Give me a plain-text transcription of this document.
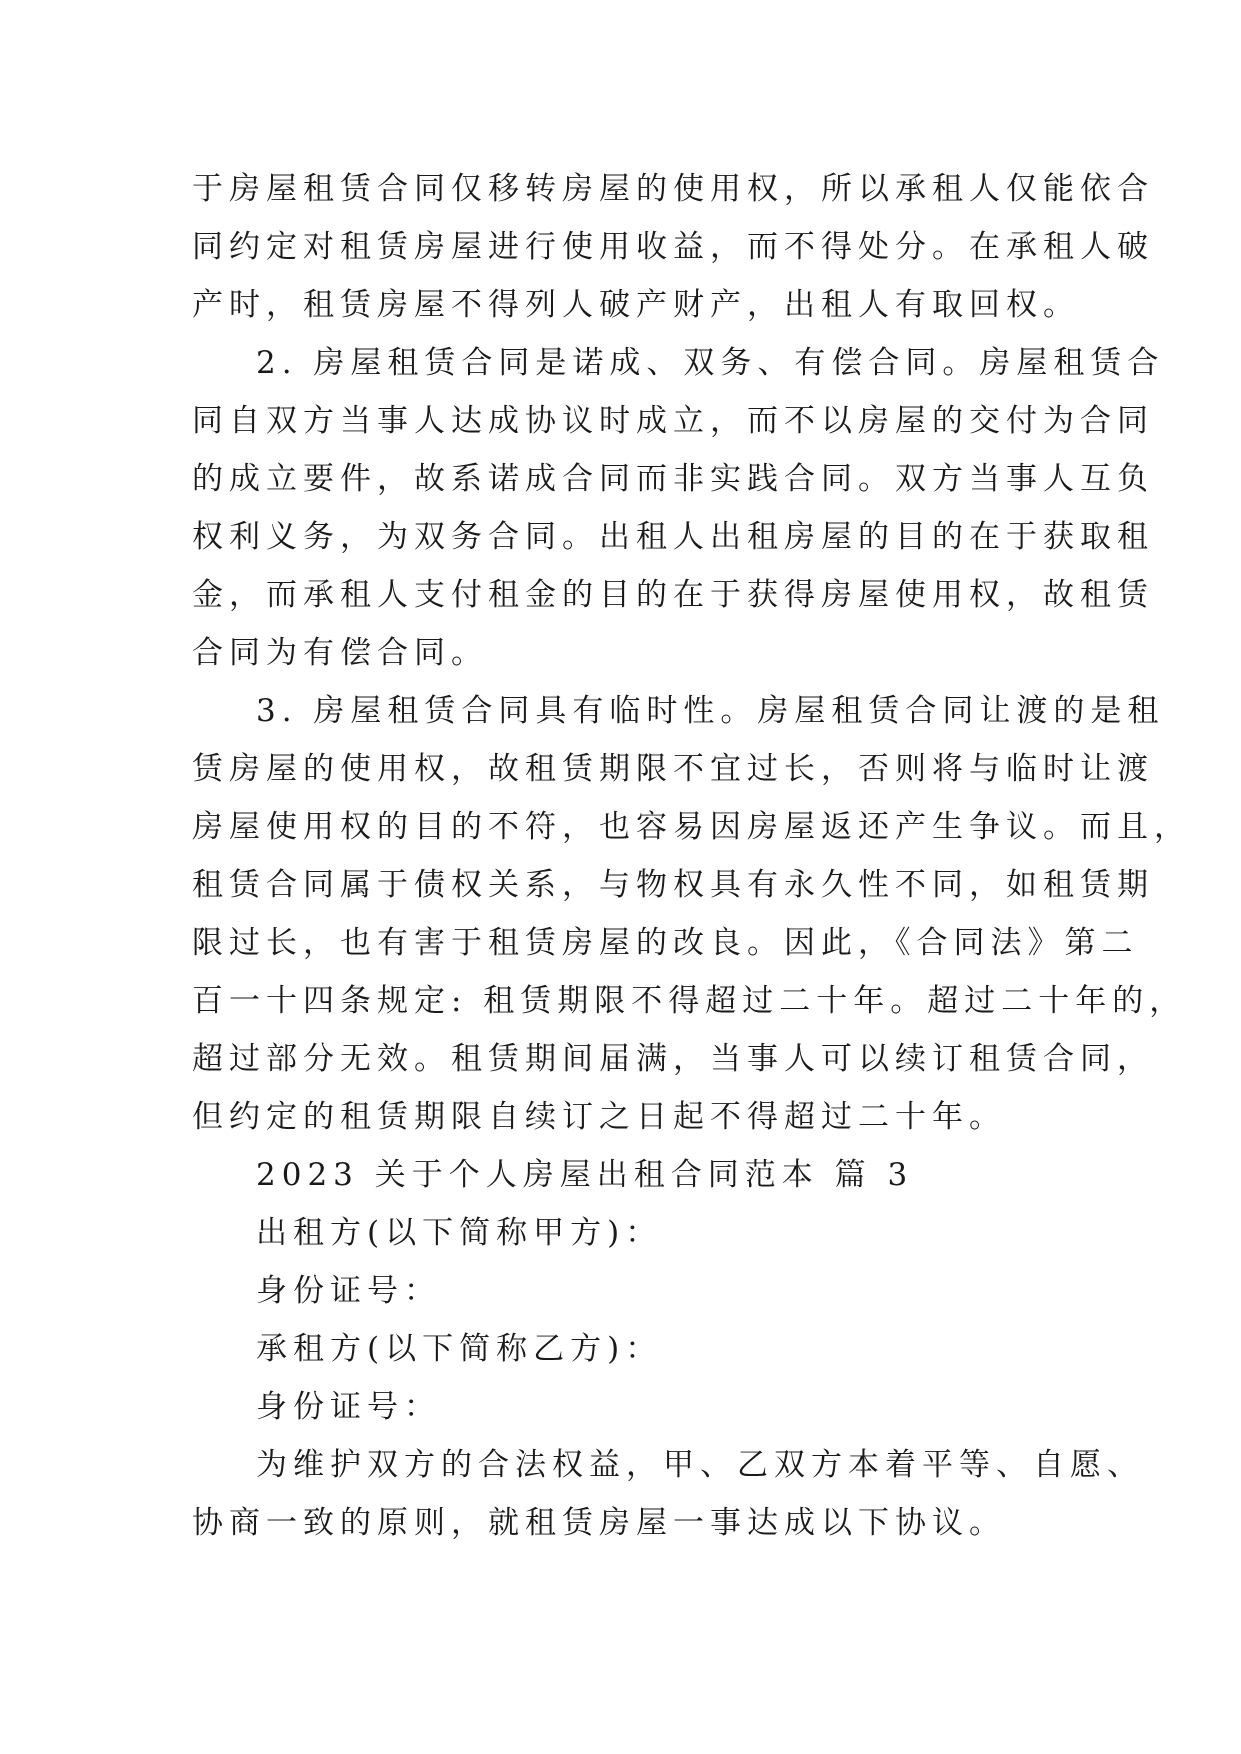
于房屋租赁合同仅移转房屋的使用权，所以承租人仅能依合
同约定对租赁房屋进行使用收益，而不得处分。在承租人破
产时，租赁房屋不得列人破产财产，出租人有取回权。
2. 房屋租赁合同是诺成、双务、有偿合同。房屋租赁合
同自双方当事人达成协议时成立，而不以房屋的交付为合同
的成立要件，故系诺成合同而非实践合同。双方当事人互负
权利义务，为双务合同。出租人出租房屋的目的在于获取租
金，而承租人支付租金的目的在于获得房屋使用权，故租赁
合同为有偿合同。
3. 房屋租赁合同具有临时性。房屋租赁合同让渡的是租
赁房屋的使用权，故租赁期限不宜过长，否则将与临时让渡
房屋使用权的目的不符，也容易因房屋返还产生争议。而且，
租赁合同属于债权关系，与物权具有永久性不同，如租赁期
限过长，也有害于租赁房屋的改良。因此，《合同法》第二
百一十四条规定: 租赁期限不得超过二十年。超过二十年的，
超过部分无效。租赁期间届满，当事人可以续订租赁合同，
但约定的租赁期限自续订之日起不得超过二十年。
2023 关于个人房屋出租合同范本 篇 3
出租方(以下简称甲方)：
身份证号：
承租方(以下简称乙方)：
身份证号：
为维护双方的合法权益，甲、乙双方本着平等、自愿、
协商一致的原则，就租赁房屋一事达成以下协议。
